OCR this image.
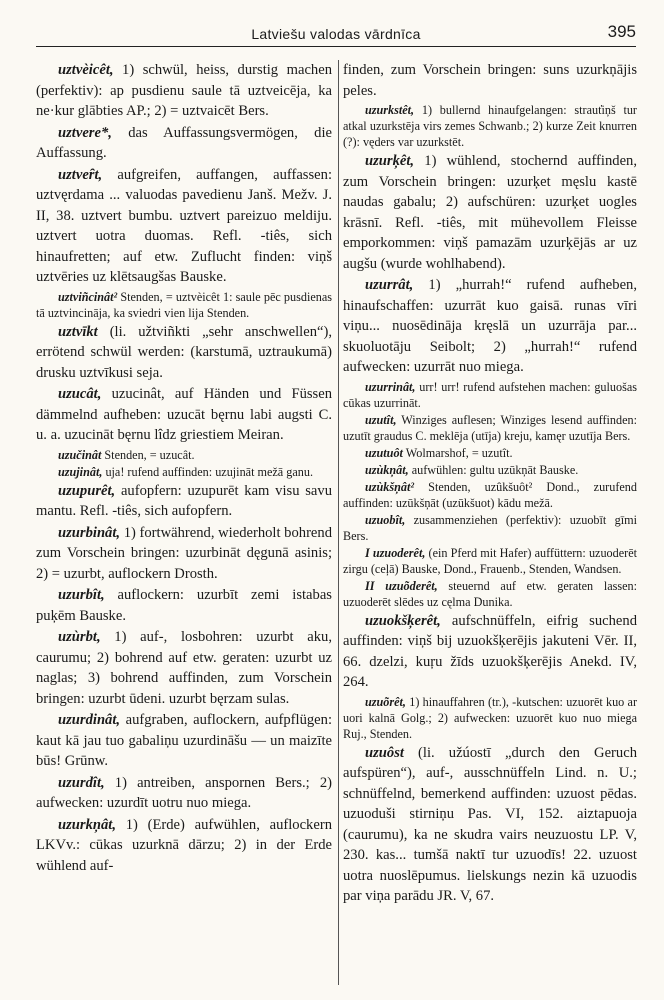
Latviešu valodas vārdnīca	395

uztvèicêt, 1) schwül, heiss, durstig machen (perfektiv): ap pusdienu saule tā uztveicēja, ka ne·kur glābties AP.; 2) = uztvaicēt Bers.

uztvere*, das Auffassungsvermögen, die Auffassung.

uztveȓt, aufgreifen, auffangen, auffassen: uztvęrdama ... valuodas pavedienu Janš. Mežv. J. II, 38. uztvert bumbu. uztvert pareizuo meldiju. uztvert uotra duomas. Refl. -tiês, sich hinaufretten; auf etw. Zuflucht finden: viņš uztvēries uz klētsaugšas Bauske.

uztviñcinât² Stenden, = uztvèicêt 1: saule pēc pusdienas tā uztvincināja, ka sviedri vien lija Stenden.

uztvīkt (li. užtviñkti „sehr anschwellen“), errötend schwül werden: (karstumā, uztraukumā) drusku uztvīkusi seja.

uzucât, uzucinât, auf Händen und Füssen dämmelnd aufheben: uzucāt bęrnu labi augsti C. u. a. uzucināt bęrnu lîdz griestiem Meiran.

uzučinât Stenden, = uzucât.

uzujinât, uja! rufend auffinden: uzujināt mežā ganu.

uzupurêt, aufopfern: uzupurēt kam visu savu mantu. Refl. -tiês, sich aufopfern.

uzurbinât, 1) fortwährend, wiederholt bohrend zum Vorschein bringen: uzurbināt dęgunā asinis; 2) = uzurbt, auflockern Drosth.

uzurbît, auflockern: uzurbīt zemi istabas puķēm Bauske.

uzùrbt, 1) auf-, losbohren: uzurbt aku, caurumu; 2) bohrend auf etw. geraten: uzurbt uz naglas; 3) bohrend auffinden, zum Vorschein bringen: uzurbt ūdeni. uzurbt bęrzam sulas.

uzurdinât, aufgraben, auflockern, aufpflügen: kaut kā jau tuo gabaliņu uzurdināšu — un maizīte būs! Grūnw.

uzurdît, 1) antreiben, anspornen Bers.; 2) aufwecken: uzurdīt uotru nuo miega.

uzurkņât, 1) (Erde) aufwühlen, auflockern LKVv.: cūkas uzurknā dārzu; 2) in der Erde wühlend auf-

finden, zum Vorschein bringen: suns uzurkņājis peles.

uzurkstêt, 1) bullernd hinaufgelangen: straut̓iņš tur atkal uzurkstēja virs zemes Schwanb.; 2) kurze Zeit knurren (?): vęders var uzurkstēt.

uzurķêt, 1) wühlend, stochernd auffinden, zum Vorschein bringen: uzurķet męslu kastē naudas gabalu; 2) aufschüren: uzurķet uogles krāsnī. Refl. -tiês, mit mühevollem Fleisse emporkommen: viņš pamazām uzurķējās ar uz augšu (wurde wohlhabend).

uzurrât, 1) „hurrah!“ rufend aufheben, hinaufschaffen: uzurrāt kuo gaisā. runas vīri viņu... nuosēdināja kręslā un uzurrāja par... skuoluotāju Seibolt; 2) „hurrah!“ rufend aufwecken: uzurrāt nuo miega.

uzurrinât, urr! urr! rufend aufstehen machen: guluošas cūkas uzurrināt.

uzutît, Winziges auflesen; Winziges lesend auffinden: uzutīt graudus C. meklēja (utīja) kreju, kamęr uzutīja Bers.

uzutuôt Wolmarshof, = uzutît.

uzùkņât, aufwühlen: gultu uzūkņāt Bauske.

uzùkšņât² Stenden, uzûkšuôt² Dond., zurufend auffinden: uzūkšņāt (uzūkšuot) kādu mežā.

uzuobît, zusammenziehen (perfektiv): uzuobīt gīmi Bers.

I uzuoderêt, (ein Pferd mit Hafer) auffüttern: uzuoderēt zirgu (ceļā) Bauske, Dond., Frauenb., Stenden, Wandsen.

II uzuõderêt, steuernd auf etw. geraten lassen: uzuoderēt slēdes uz cęlma Dunika.

uzuokšķerêt, aufschnüffeln, eifrig suchend auffinden: viņš bij uzuokšķerējis jakuteni Vēr. II, 66. dzelzi, kuŗu žīds uzuokšķerējis Anekd. IV, 264.

uzuõrêt, 1) hinauffahren (tr.), -kutschen: uzuorēt kuo ar uori kalnā Golg.; 2) aufwecken: uzuorēt kuo nuo miega Ruj., Stenden.

uzuôst (li. užúostī „durch den Geruch aufspüren“), auf-, ausschnüffeln Lind. n. U.; schnüffelnd, bemerkend auffinden: uzuost pēdas. uzuoduši stirniņu Pas. VI, 152. aiztapuoja (caurumu), ka ne skudra vairs neuzuostu LP. V, 230. kas... tumšā naktī tur uzuodīs! 22. uzuost uotra nuoslēpumus. lielskungs nezin kā uzuodis par viņa parādu JR. V, 67.
